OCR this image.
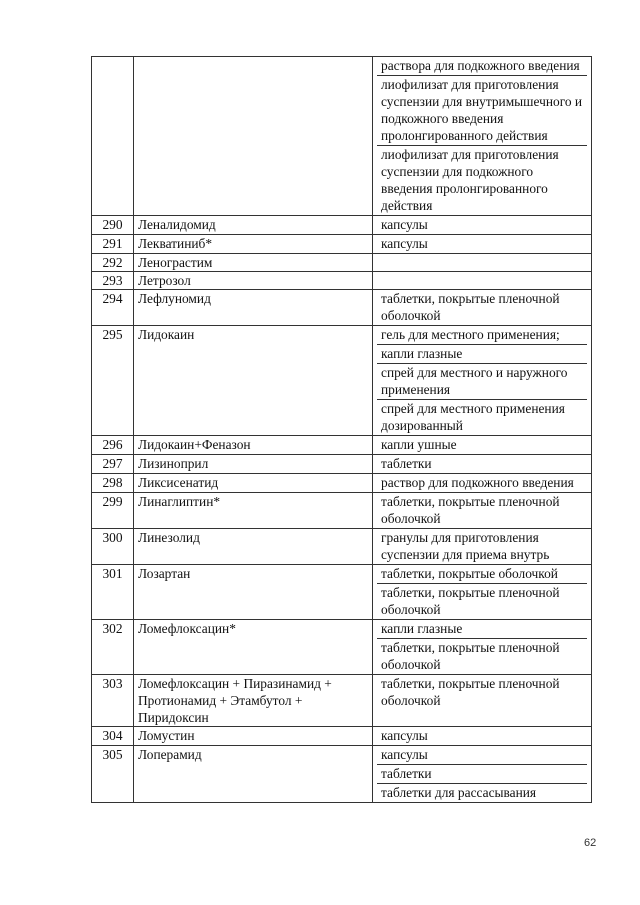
		раствора для подкожного введения
лиофилизат для приготовления суспензии для внутримышечного и подкожного введения пролонгированного действия
лиофилизат для приготовления суспензии для подкожного введения пролонгированного действия

290	Леналидомид	капсулы

291	Лекватиниб*	капсулы

292	Ленограстим	

293	Летрозол	

294	Лефлуномид	таблетки, покрытые пленочной оболочкой

295	Лидокаин	гель для местного применения;
капли глазные
спрей для местного и наружного применения
спрей для местного применения дозированный

296	Лидокаин+Феназон	капли ушные

297	Лизиноприл	таблетки

298	Ликсисенатид	раствор для подкожного введения

299	Линаглиптин*	таблетки, покрытые пленочной оболочкой

300	Линезолид	гранулы для приготовления суспензии для приема внутрь

301	Лозартан	таблетки, покрытые оболочкой
таблетки, покрытые пленочной оболочкой

302	Ломефлоксацин*	капли глазные
таблетки, покрытые пленочной оболочкой

303	Ломефлоксацин + Пиразинамид + Протионамид + Этамбутол + Пиридоксин	таблетки, покрытые пленочной оболочкой

304	Ломустин	капсулы

305	Лоперамид	капсулы
таблетки
таблетки для рассасывания
62
